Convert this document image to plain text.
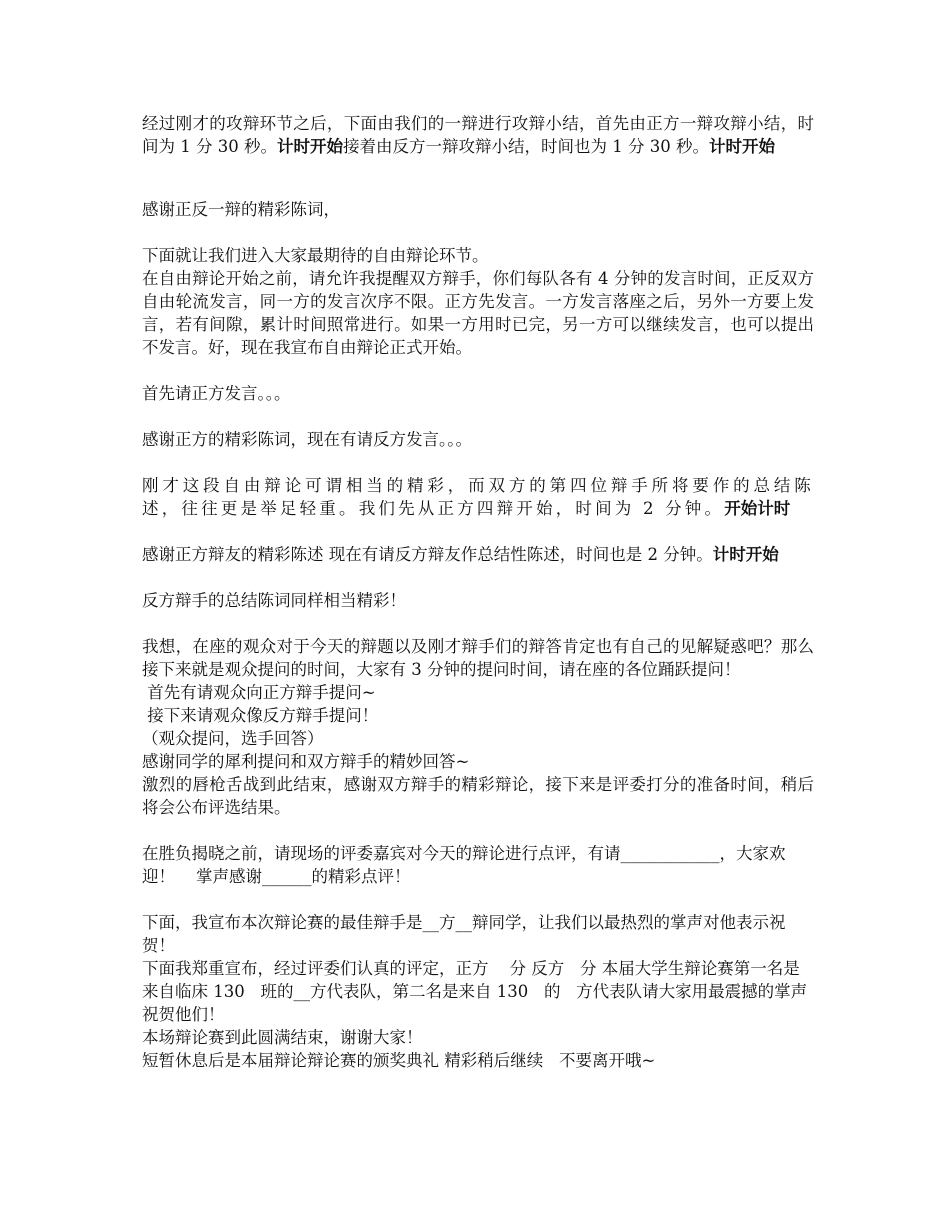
经过刚才的攻辩环节之后，下面由我们的一辩进行攻辩小结，首先由正方一辩攻辩小结，时间为 1 分 30 秒。计时开始接着由反方一辩攻辩小结，时间也为 1 分 30 秒。计时开始

感谢正反一辩的精彩陈词，

下面就让我们进入大家最期待的自由辩论环节。

在自由辩论开始之前，请允许我提醒双方辩手，你们每队各有 4 分钟的发言时间，正反双方自由轮流发言，同一方的发言次序不限。正方先发言。一方发言落座之后，另外一方要上发言，若有间隙，累计时间照常进行。如果一方用时已完，另一方可以继续发言，也可以提出不发言。好，现在我宣布自由辩论正式开始。

首先请正方发言。。。

感谢正方的精彩陈词，现在有请反方发言。。。

刚才这段自由辩论可谓相当的精彩，而双方的第四位辩手所将要作的总结陈述，往往更是举足轻重。我们先从正方四辩开始，时间为 2 分钟。开始计时

感谢正方辩友的精彩陈述 现在有请反方辩友作总结性陈述，时间也是 2 分钟。计时开始

反方辩手的总结陈词同样相当精彩！

我想，在座的观众对于今天的辩题以及刚才辩手们的辩答肯定也有自己的见解疑惑吧？那么接下来就是观众提问的时间，大家有 3 分钟的提问时间，请在座的各位踊跃提问！

首先有请观众向正方辩手提问~

接下来请观众像反方辩手提问！

（观众提问，选手回答）

感谢同学的犀利提问和双方辩手的精妙回答~

激烈的唇枪舌战到此结束，感谢双方辩手的精彩辩论，接下来是评委打分的准备时间，稍后将会公布评选结果。

在胜负揭晓之前，请现场的评委嘉宾对今天的辩论进行点评，有请____________，大家欢迎！    掌声感谢______的精彩点评！

下面，我宣布本次辩论赛的最佳辩手是__方__辩同学，让我们以最热烈的掌声对他表示祝贺！

下面我郑重宣布，经过评委们认真的评定，正方    分 反方   分 本届大学生辩论赛第一名是来自临床 130   班的__方代表队，第二名是来自 130   的   方代表队请大家用最震撼的掌声祝贺他们！

本场辩论赛到此圆满结束，谢谢大家！

短暂休息后是本届辩论辩论赛的颁奖典礼 精彩稍后继续   不要离开哦~
